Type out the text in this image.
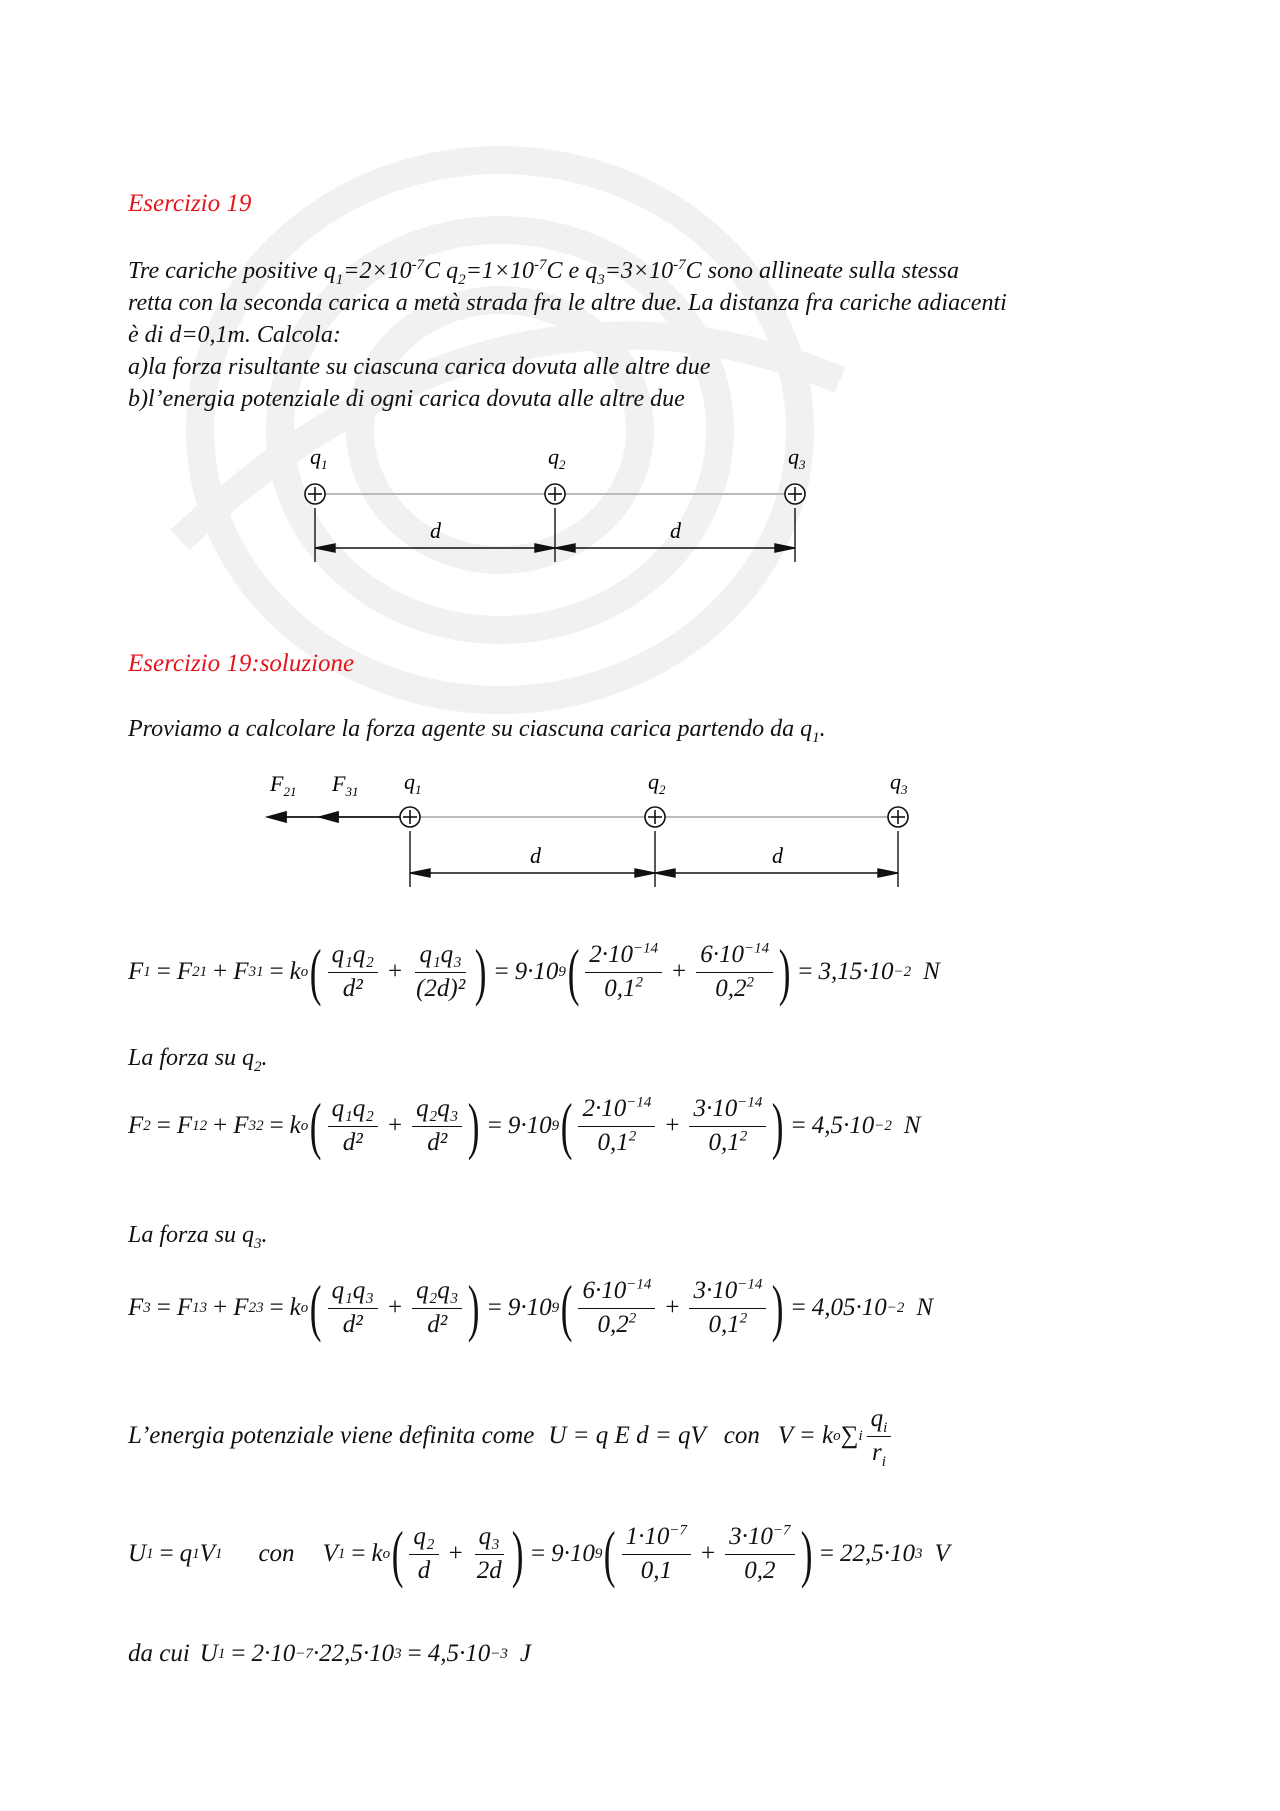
Esercizio 19
Tre cariche positive $q_1=2\times 10^{-7}C$ $q_2=1\times 10^{-7}C$ e $q_3=3\times 10^{-7}C$ sono allineate sulla stessa
retta con la seconda carica a metà strada fra le altre due. La distanza fra cariche adiacenti
è di d=0,1m. Calcola:
a)la forza risultante su ciascuna carica dovuta alle altre due
b)l’energia potenziale di ogni carica dovuta alle altre due
$q_1$	$q_2$	$q_3$
d	d
Esercizio 19:soluzione
Proviamo a calcolare la forza agente su ciascuna carica partendo da $q_1$.
$F_{21}$ $F_{31}$ $q_1$	$q_2$	$q_3$
d	d
F 1 = F 21 + F 31 = k o ( $\frac{\text{q₁q₂}}{\text{d²}} + \frac{\text{q₁q₃}}{\text{(2d)²}}$ ) = 9·10 9 ( $\frac{2\cdot 10^{-14}}{0,1^2} + \frac{6\cdot 10^{-14}}{0,2^2}$ ) = 3,15·10 −2 N
La forza su $q_2$.
F 2 = F 12 + F 32 = k o ( $\frac{\text{q₁q₂}}{\text{d²}} + \frac{\text{q₂q₃}}{\text{d²}}$ ) = 9·10 9 ( $\frac{2\cdot 10^{-14}}{0,1^2} + \frac{3\cdot 10^{-14}}{0,1^2}$ ) = 4,5·10 −2 N
La forza su $q_3$.
F 3 = F 13 + F 23 = k o ( $\frac{\text{q₁q₃}}{\text{d²}} + \frac{\text{q₂q₃}}{\text{d²}}$ ) = 9·10 9 ( $\frac{6\cdot 10^{-14}}{0,2^2} + \frac{3\cdot 10^{-14}}{0,1^2}$ ) = 4,05·10 −2 N
L’energia potenziale viene definita come U = q E d = qV con V = k o ∑ i $\frac{q_i}{r_i}$
U 1 = q 1 V 1 con V 1 = k o ( $\frac{\text{q₂}}{d} + \frac{\text{q₃}}{2d}$ ) = 9·10 9 ( $\frac{1\cdot 10^{-7}}{0,1} + \frac{3\cdot 10^{-7}}{0,2}$ ) = 22,5·10 3 V
da cui U 1 = 2·10 −7 ·22,5·10 3 = 4,5·10 −3 J
